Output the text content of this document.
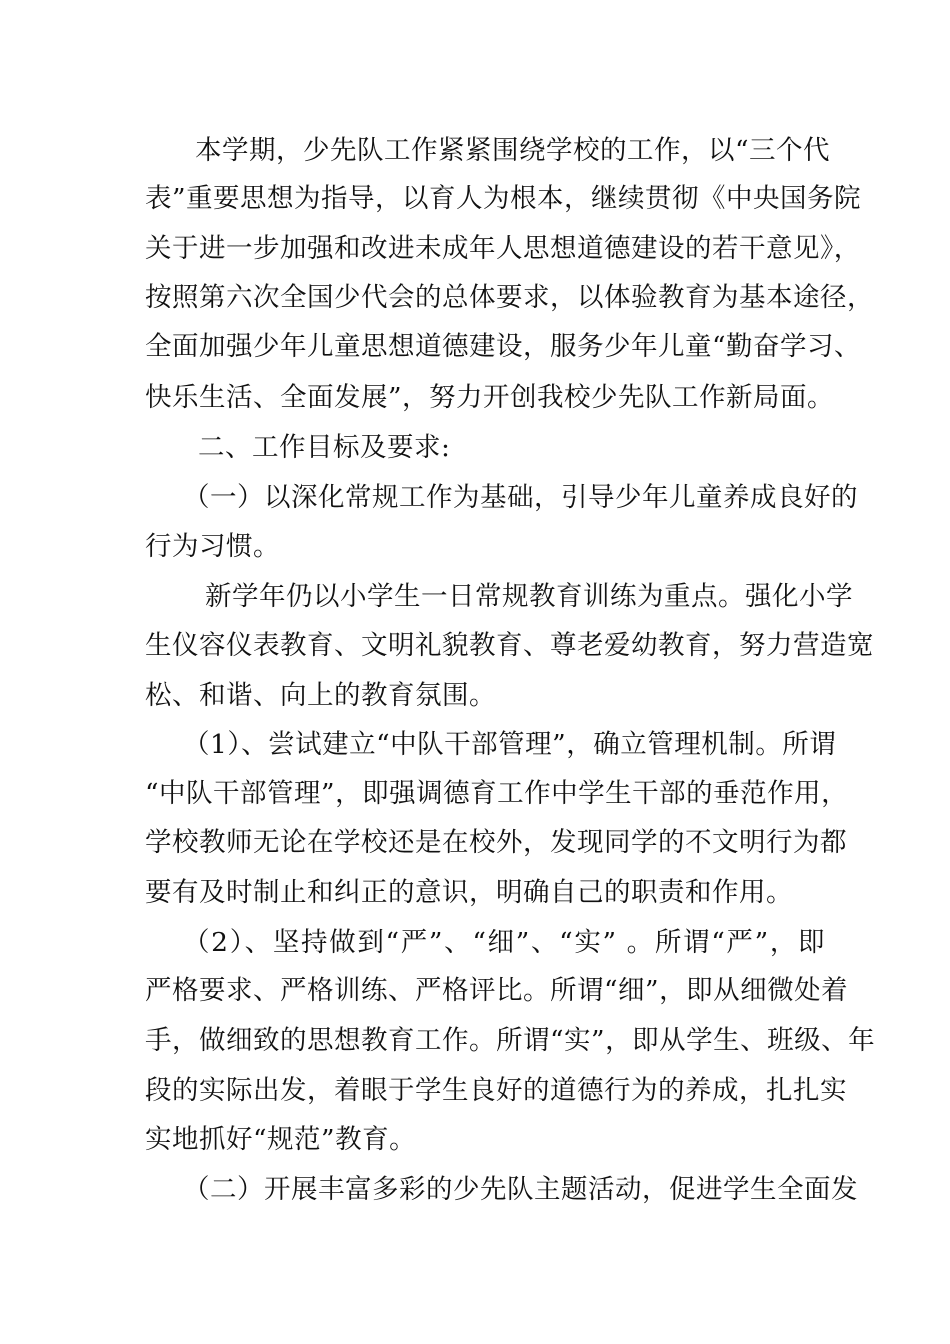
本学期，少先队工作紧紧围绕学校的工作，以“三个代
表”重要思想为指导，以育人为根本，继续贯彻《中央国务院
关于进一步加强和改进未成年人思想道德建设的若干意见》，
按照第六次全国少代会的总体要求，以体验教育为基本途径，
全面加强少年儿童思想道德建设，服务少年儿童“勤奋学习、
快乐生活、全面发展”，努力开创我校少先队工作新局面。
二、工作目标及要求:
（一）以深化常规工作为基础，引导少年儿童养成良好的
行为习惯。
新学年仍以小学生一日常规教育训练为重点。强化小学
生仪容仪表教育、文明礼貌教育、尊老爱幼教育，努力营造宽
松、和谐、向上的教育氛围。
（1）、尝试建立“中队干部管理”，确立管理机制。所谓
“中队干部管理”，即强调德育工作中学生干部的垂范作用，
学校教师无论在学校还是在校外，发现同学的不文明行为都
要有及时制止和纠正的意识，明确自己的职责和作用。
（2）、坚持做到“严”、“细”、“实” 。所谓“严”，即
严格要求、严格训练、严格评比。所谓“细”，即从细微处着
手，做细致的思想教育工作。所谓“实”，即从学生、班级、年
段的实际出发，着眼于学生良好的道德行为的养成，扎扎实
实地抓好“规范”教育。
（二）开展丰富多彩的少先队主题活动，促进学生全面发
